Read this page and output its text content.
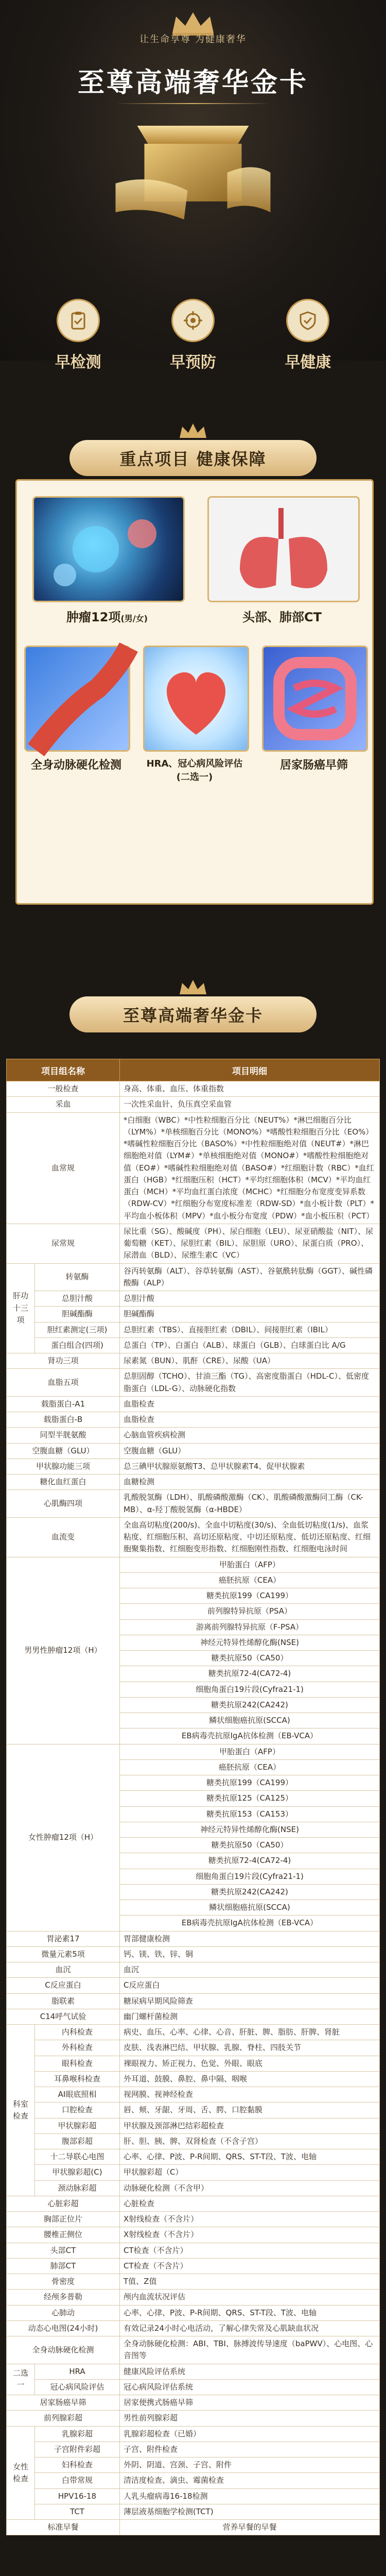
让生命享尊 为健康奢华
至尊高端奢华金卡
早检测	早预防	早健康
重点项目 健康保障
肿瘤12项(男/女)	头部、肺部CT
全身动脉硬化检测	HRA、冠心病风险评估
(二选一)
居家肠癌早筛
至尊高端奢华金卡
项目组名称		项目明细
一般检查		身高、体重、血压、体重指数
采血		一次性采血针、负压真空采血管
血常规		*白细胞（WBC）*中性粒细胞百分比（NEUT%）*淋巴细胞百分比（LYM%）*单核细胞百分比（MONO%）*嗜酸性粒细胞百分比（EO%）*嗜碱性粒细胞百分比（BASO%）*中性粒细胞绝对值（NEUT#）*淋巴细胞绝对值（LYM#）*单核细胞绝对值（MONO#）*嗜酸性粒细胞绝对值（EO#）*嗜碱性粒细胞绝对值（BASO#）*红细胞计数（RBC）*血红蛋白（HGB）*红细胞压积（HCT）*平均红细胞体积（MCV）*平均血红蛋白（MCH）*平均血红蛋白浓度（MCHC）*红细胞分布宽度变异系数（RDW-CV）*红细胞分布宽度标准差（RDW-SD）*血小板计数（PLT）*平均血小板体积（MPV）*血小板分布宽度（PDW）*血小板压积（PCT）
尿常规		尿比重（SG）、酸碱度（PH）、尿白细胞（LEU）、尿亚硝酸盐（NIT）、尿葡萄糖（KET）、尿胆红素（BIL）、尿胆原（URO）、尿蛋白质（PRO）、尿潜血（BLD）、尿维生素C（VC）
肝功十三项	转氨酶	谷丙转氨酶（ALT）、谷草转氨酶（AST）、谷氨酰转肽酶（GGT）、碱性磷酸酶（ALP）
	总胆汁酸	总胆汁酸
	胆碱酯酶	胆碱酯酶
	胆红素测定(三项)	总胆红素（TBS）、直接胆红素（DBIL）、间接胆红素（IBIL）
	蛋白组合(四项)	总蛋白（TP）、白蛋白（ALB）、球蛋白（GLB）、白球蛋白比 A/G
肾功三项		尿素氮（BUN）、肌酐（CRE）、尿酸（UA）
血脂五项		总胆固醇（TCHO）、甘油三酯（TG）、高密度脂蛋白（HDL-C）、低密度脂蛋白（LDL-G）、动脉硬化指数
载脂蛋白-A1		血脂检查
载脂蛋白-B		血脂检查
同型半胱氨酸		心脑血管疾病检测
空腹血糖（GLU）		空腹血糖（GLU）
甲状腺功能三项		总三碘甲状腺原氨酸T3、总甲状腺素T4、促甲状腺素
糖化血红蛋白		血糖检测
心肌酶四项		乳酸脱氢酶（LDH）、肌酸磷酸激酶（CK）、肌酸磷酸激酶同工酶（CK-MB）、α-羟丁酸脱氢酶（α-HBDE）
血流变		全血高切粘度(200/s)、全血中切粘度(30/s)、全血低切粘度(1/s)、血浆粘度、红细胞压积、高切还原粘度、中切还原粘度、低切还原粘度、红细胞聚集指数、红细胞变形指数、红细胞刚性指数、红细胞电泳时间
男男性肿瘤12项（H）		甲胎蛋白（AFP）
		癌胚抗原（CEA）
		糖类抗原199（CA199）
		前列腺特异抗原（PSA）
		游离前列腺特异抗原（F-PSA）
		神经元特异性烯醇化酶(NSE)
		糖类抗原50（CA50）
		糖类抗原72-4(CA72-4)
		细胞角蛋白19片段(Cyfra21-1)
		糖类抗原242(CA242)
		鳞状细胞癌抗原(SCCA)
		EB病毒壳抗原IgA抗体检测（EB-VCA）
女性肿瘤12项（H）		甲胎蛋白（AFP）
		癌胚抗原（CEA）
		糖类抗原199（CA199）
		糖类抗原125（CA125）
		糖类抗原153（CA153）
		神经元特异性烯醇化酶(NSE)
		糖类抗原50（CA50）
		糖类抗原72-4(CA72-4)
		细胞角蛋白19片段(Cyfra21-1)
		糖类抗原242(CA242)
		鳞状细胞癌抗原(SCCA)
		EB病毒壳抗原IgA抗体检测（EB-VCA）
胃泌素17		胃部健康检测
微量元素5项		钙、镁、铁、锌、铜
血沉		血沉
C反应蛋白		C反应蛋白
脂联素		糖尿病早期风险筛查
C14呼气试验		幽门螺杆菌检测
科室检查	内科检查	病史、血压、心率、心律、心音、肝脏、脾、脂肪、肝脾、肾脏
	外科检查	皮肤、浅表淋巴结、甲状腺、乳腺、脊柱、四肢关节
	眼科检查	裸眼视力、矫正视力、色觉、外眼、眼底
	耳鼻喉科检查	外耳道、鼓膜、鼻腔、鼻中隔、咽喉
	AI眼底照相	视网膜、视神经检查
	口腔检查	唇、颊、牙龈、牙周、舌、腭、口腔黏膜
	甲状腺彩超	甲状腺及颈部淋巴结彩超检查
	腹部彩超	肝、胆、胰、脾、双肾检查（不含子宫）
	十二导联心电图	心率、心律、P波、P-R间期、QRS、ST-T段、T波、电轴
	甲状腺彩超(C)	甲状腺彩超（C）
	颈动脉彩超	动脉硬化检测（不含甲）
心脏彩超		心脏检查
胸部正位片		X射线检查（不含片）
腰椎正侧位		X射线检查（不含片）
头部CT		CT检查（不含片）
肺部CT		CT检查（不含片）
骨密度		T值、Z值
经颅多普勒		颅内血流状况评估
心肺动		心率、心律、P波、P-R间期、QRS、ST-T段、T波、电轴
动态心电图(24小时)		有效记录24小时心电活动，了解心律失常及心肌缺血状况
全身动脉硬化检测		全身动脉硬化检测：ABI、TBI、脉搏波传导速度（baPWV）、心电图、心音图等
二选一	HRA	健康风险评估系统
	冠心病风险评估	冠心病风险评估系统
居家肠癌早筛		居家便携式肠癌早筛
前列腺彩超		男性前列腺彩超
女性检查	乳腺彩超	乳腺彩超检查（已婚）
	子宫附件彩超	子宫、附件检查
	妇科检查	外阴、阴道、宫颈、子宫、附件
	白带常规	清洁度检查、滴虫、霉菌检查
	HPV16-18	人乳头瘤病毒16-18检测
	TCT	薄层液基细胞学检测(TCT)
标准早餐		营养早餐的早餐
